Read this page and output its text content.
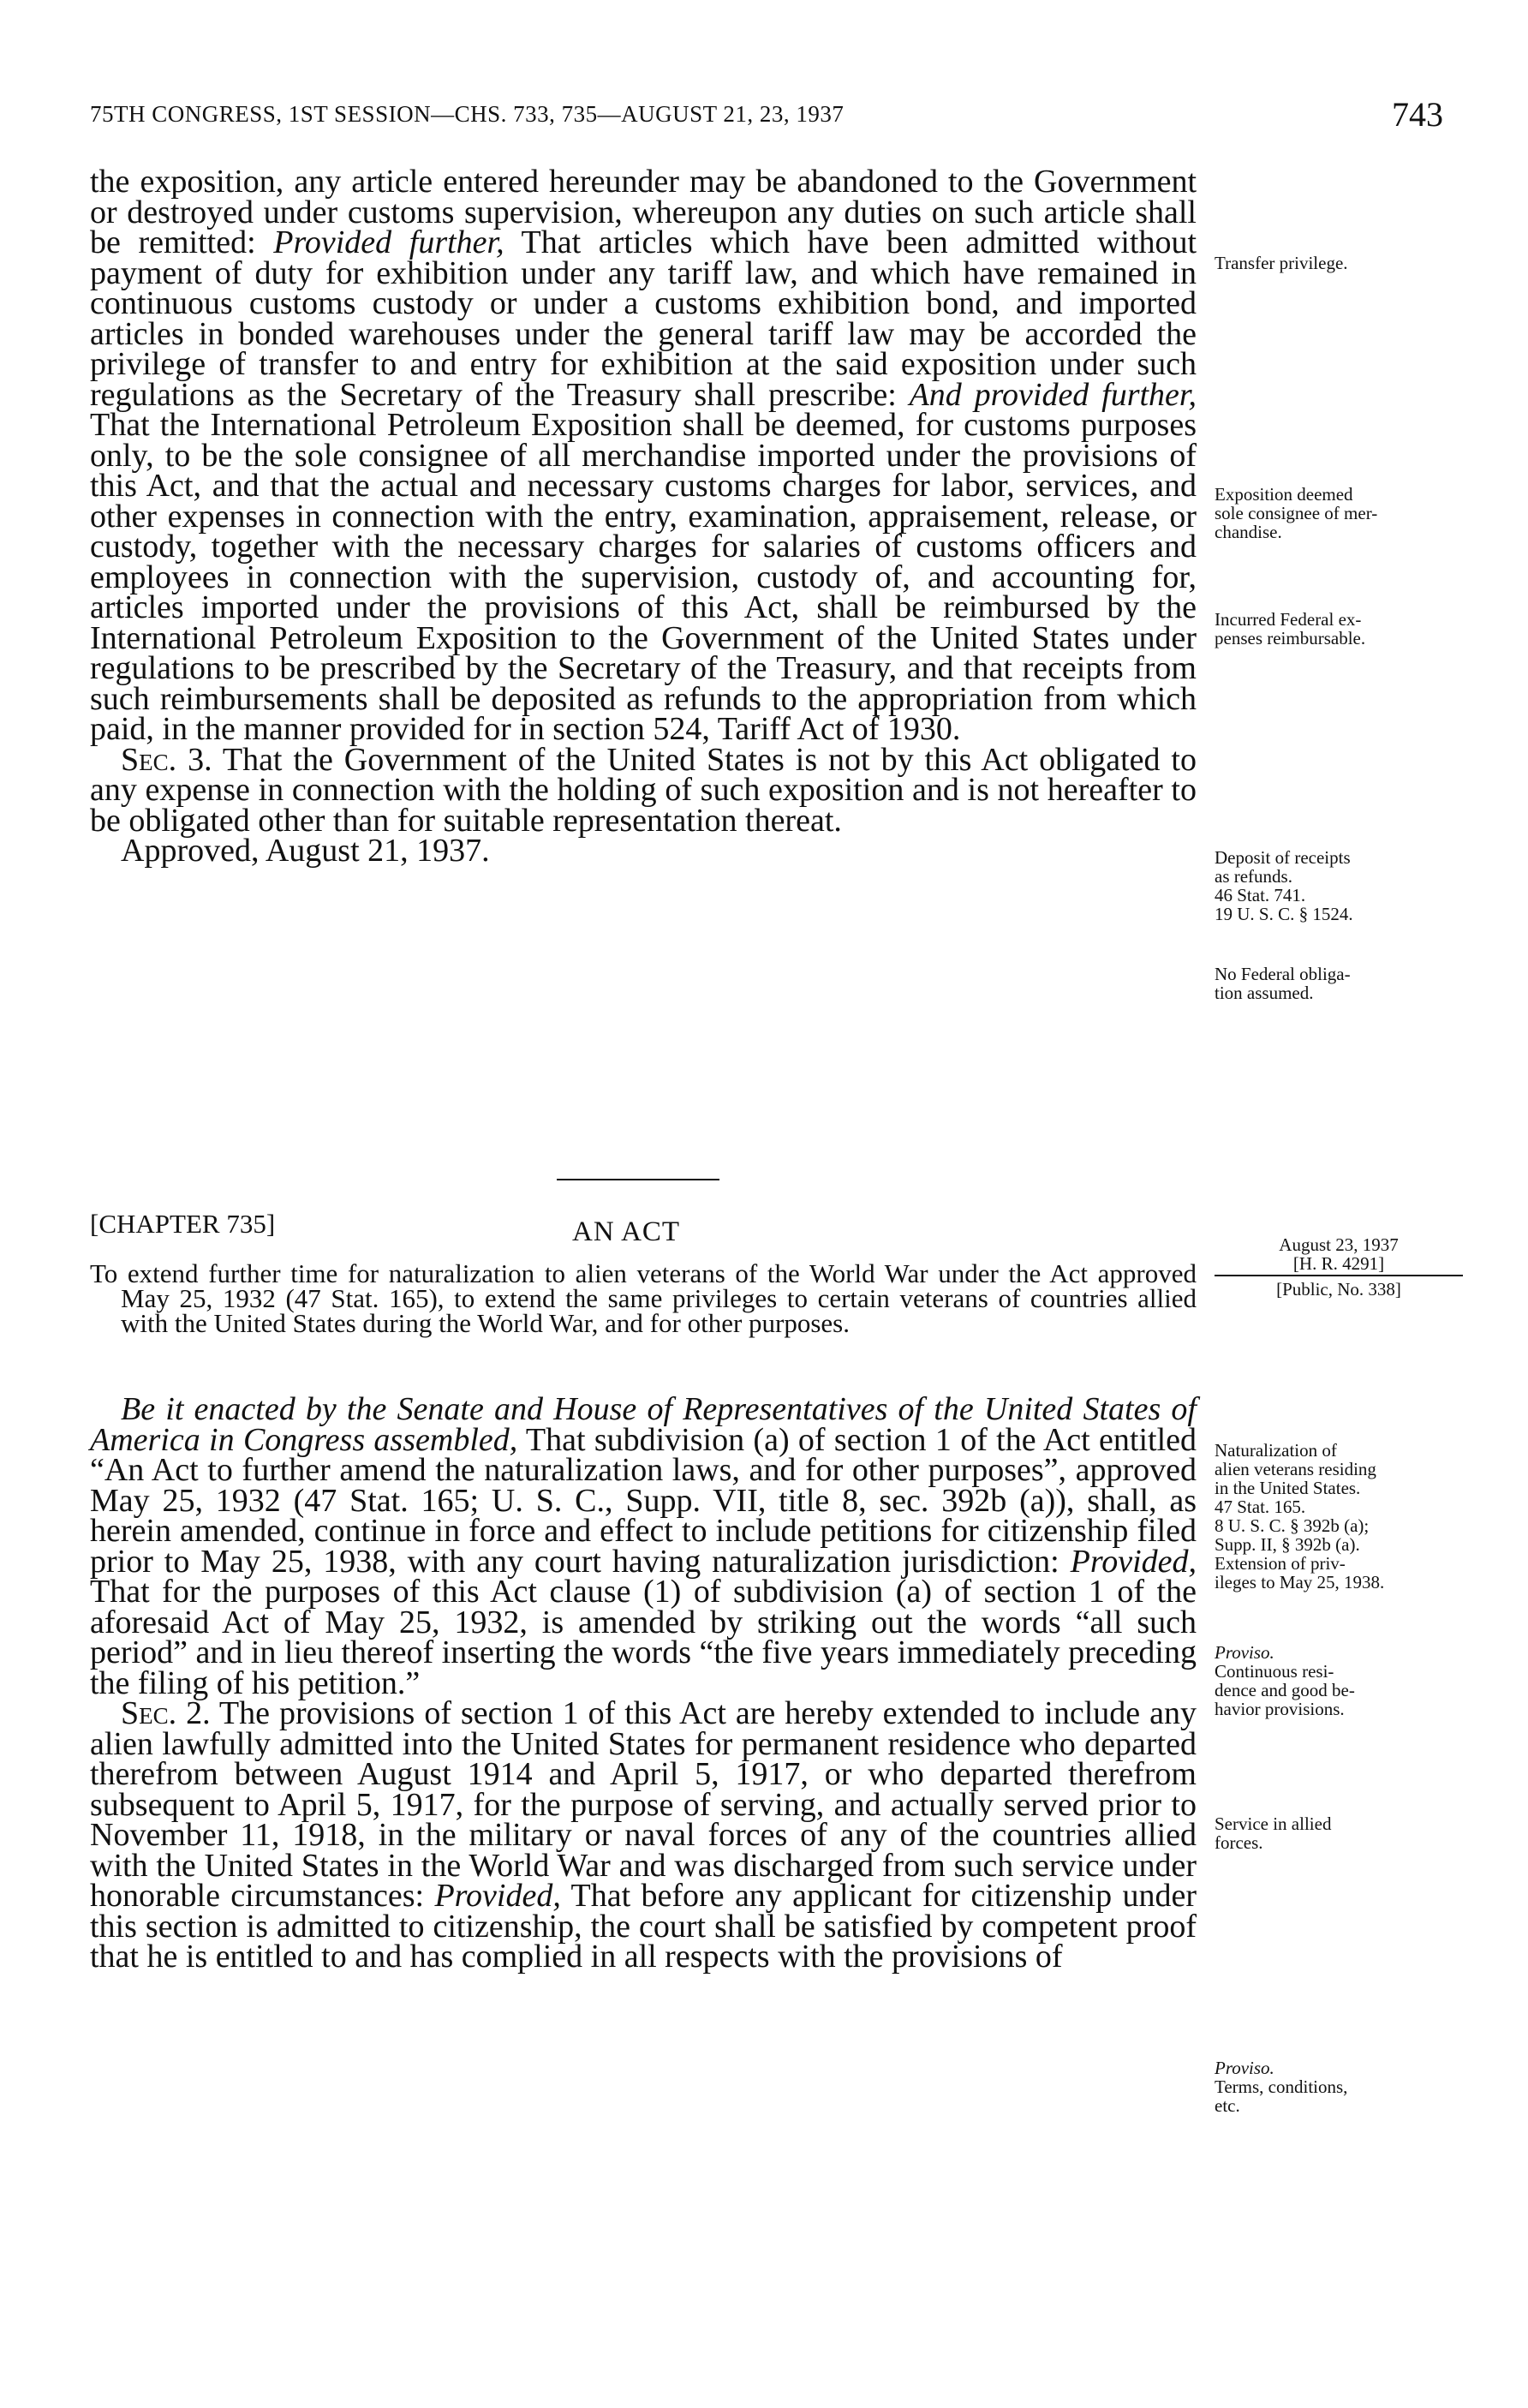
75TH CONGRESS, 1ST SESSION—CHS. 733, 735—AUGUST 21, 23, 1937	743

the exposition, any article entered hereunder may be abandoned to the Government or destroyed under customs supervision, whereupon any duties on such article shall be remitted: Provided further, That articles which have been admitted without payment of duty for exhibition under any tariff law, and which have remained in continuous customs custody or under a customs exhibition bond, and imported articles in bonded warehouses under the general tariff law may be accorded the privilege of transfer to and entry for exhibition at the said exposition under such regulations as the Secretary of the Treasury shall prescribe: And provided further, That the International Petroleum Exposition shall be deemed, for customs purposes only, to be the sole consignee of all merchandise imported under the provisions of this Act, and that the actual and necessary customs charges for labor, services, and other expenses in connection with the entry, examination, appraisement, release, or custody, together with the necessary charges for salaries of customs officers and employees in connection with the supervision, custody of, and accounting for, articles imported under the provisions of this Act, shall be reimbursed by the International Petroleum Exposition to the Government of the United States under regulations to be prescribed by the Secretary of the Treasury, and that receipts from such reimbursements shall be deposited as refunds to the appropriation from which paid, in the manner provided for in section 524, Tariff Act of 1930.

Sec. 3. That the Government of the United States is not by this Act obligated to any expense in connection with the holding of such exposition and is not hereafter to be obligated other than for suitable representation thereat.

Approved, August 21, 1937.

Transfer privilege.
Exposition deemed
sole consignee of mer-
chandise.
Incurred Federal ex-
penses reimbursable.
Deposit of receipts
as refunds.
46 Stat. 741.
19 U. S. C. § 1524.
No Federal obliga-
tion assumed.
[CHAPTER 735]	AN ACT	August 23, 1937
[H. R. 4291]
[Public, No. 338]

To extend further time for naturalization to alien veterans of the World War under the Act approved May 25, 1932 (47 Stat. 165), to extend the same privileges to certain veterans of countries allied with the United States during the World War, and for other purposes.

Be it enacted by the Senate and House of Representatives of the United States of America in Congress assembled, That subdivision (a) of section 1 of the Act entitled “An Act to further amend the naturalization laws, and for other purposes”, approved May 25, 1932 (47 Stat. 165; U. S. C., Supp. VII, title 8, sec. 392b (a)), shall, as herein amended, continue in force and effect to include petitions for citizenship filed prior to May 25, 1938, with any court having naturalization jurisdiction: Provided, That for the purposes of this Act clause (1) of subdivision (a) of section 1 of the aforesaid Act of May 25, 1932, is amended by striking out the words “all such period” and in lieu thereof inserting the words “the five years immediately preceding the filing of his petition.”

Sec. 2. The provisions of section 1 of this Act are hereby extended to include any alien lawfully admitted into the United States for permanent residence who departed therefrom between August 1914 and April 5, 1917, or who departed therefrom subsequent to April 5, 1917, for the purpose of serving, and actually served prior to November 11, 1918, in the military or naval forces of any of the countries allied with the United States in the World War and was discharged from such service under honorable circumstances: Provided, That before any applicant for citizenship under this section is admitted to citizenship, the court shall be satisfied by competent proof that he is entitled to and has complied in all respects with the provisions of

Naturalization of
alien veterans residing
in the United States.
47 Stat. 165.
8 U. S. C. § 392b (a);
Supp. II, § 392b (a).
Extension of priv-
ileges to May 25, 1938.
Proviso.
Continuous resi-
dence and good be-
havior provisions.
Service in allied
forces.
Proviso.
Terms, conditions,
etc.
